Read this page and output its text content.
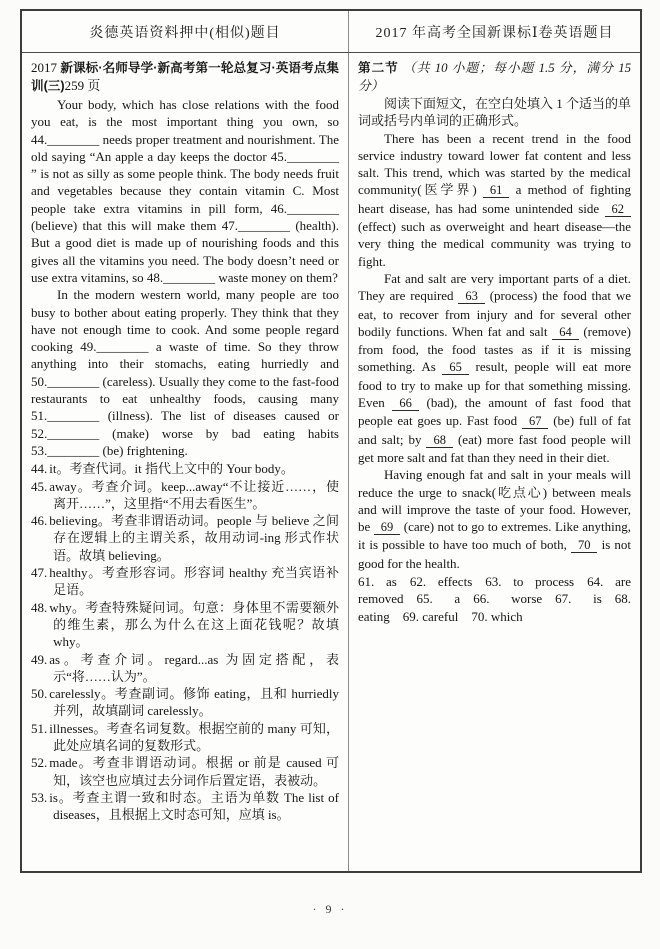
炎德英语资料押中(相似)题目	2017 年高考全国新课标Ⅰ卷英语题目
2017 新课标·名师导学·新高考第一轮总复习·英语考点集训(三)259 页

Your body, which has close relations with the food you eat, is the most important thing you own, so 44.________ needs proper treatment and nourishment. The old saying “An apple a day keeps the doctor 45.________ ” is not as silly as some people think. The body needs fruit and vegetables because they contain vitamin C. Most people take extra vitamins in pill form, 46.________ (believe) that this will make them 47.________ (health). But a good diet is made up of nourishing foods and this gives all the vitamins you need. The body doesn’t need or use extra vitamins, so 48.________ waste money on them?

In the modern western world, many people are too busy to bother about eating properly. They think that they have not enough time to cook. And some people regard cooking 49.________ a waste of time. So they throw anything into their stomachs, eating hurriedly and 50.________ (careless). Usually they come to the fast-food restaurants to eat unhealthy foods, causing many 51.________ (illness). The list of diseases caused or 52.________ (make) worse by bad eating habits 53.________ (be) frightening.

44. it。考查代词。it 指代上文中的 Your body。
45. away。考查介词。keep...away“不让接近……，使离开……”，这里指“不用去看医生”。
46. believing。考查非谓语动词。people 与 believe 之间存在逻辑上的主谓关系，故用动词-ing 形式作状语。故填 believing。
47. healthy。考查形容词。形容词 healthy 充当宾语补足语。
48. why。考查特殊疑问词。句意：身体里不需要额外的维生素，那么为什么在这上面花钱呢？故填 why。
49. as。考查介词。regard...as 为固定搭配，表示“将……认为”。
50. carelessly。考查副词。修饰 eating，且和 hurriedly 并列，故填副词 carelessly。
51. illnesses。考查名词复数。根据空前的 many 可知，此处应填名词的复数形式。
52. made。考查非谓语动词。根据 or 前是 caused 可知，该空也应填过去分词作后置定语，表被动。
53. is。考查主谓一致和时态。主语为单数 The list of diseases，且根据上文时态可知，应填 is。
第二节 （共 10 小题；每小题 1.5 分，满分 15 分）

阅读下面短文，在空白处填入 1 个适当的单词或括号内单词的正确形式。

There has been a recent trend in the food service industry toward lower fat content and less salt. This trend, which was started by the medical community(医学界) 61 a method of fighting heart disease, has had some unintended side 62 (effect) such as overweight and heart disease—the very thing the medical community was trying to fight.

Fat and salt are very important parts of a diet. They are required 63 (process) the food that we eat, to recover from injury and for several other bodily functions. When fat and salt 64 (remove) from food, the food tastes as if it is missing something. As 65 result, people will eat more food to try to make up for that something missing. Even 66 (bad), the amount of fast food that people eat goes up. Fast food 67 (be) full of fat and salt; by 68 (eat) more fast food people will get more salt and fat than they need in their diet.

Having enough fat and salt in your meals will reduce the urge to snack(吃点心) between meals and will improve the taste of your food. However, be 69 (care) not to go to extremes. Like anything, it is possible to have too much of both, 70 is not good for the health.

61. as 62. effects 63. to process 64. are removed 65. a 66. worse 67. is 68. eating 69. careful 70. which
· 9 ·
